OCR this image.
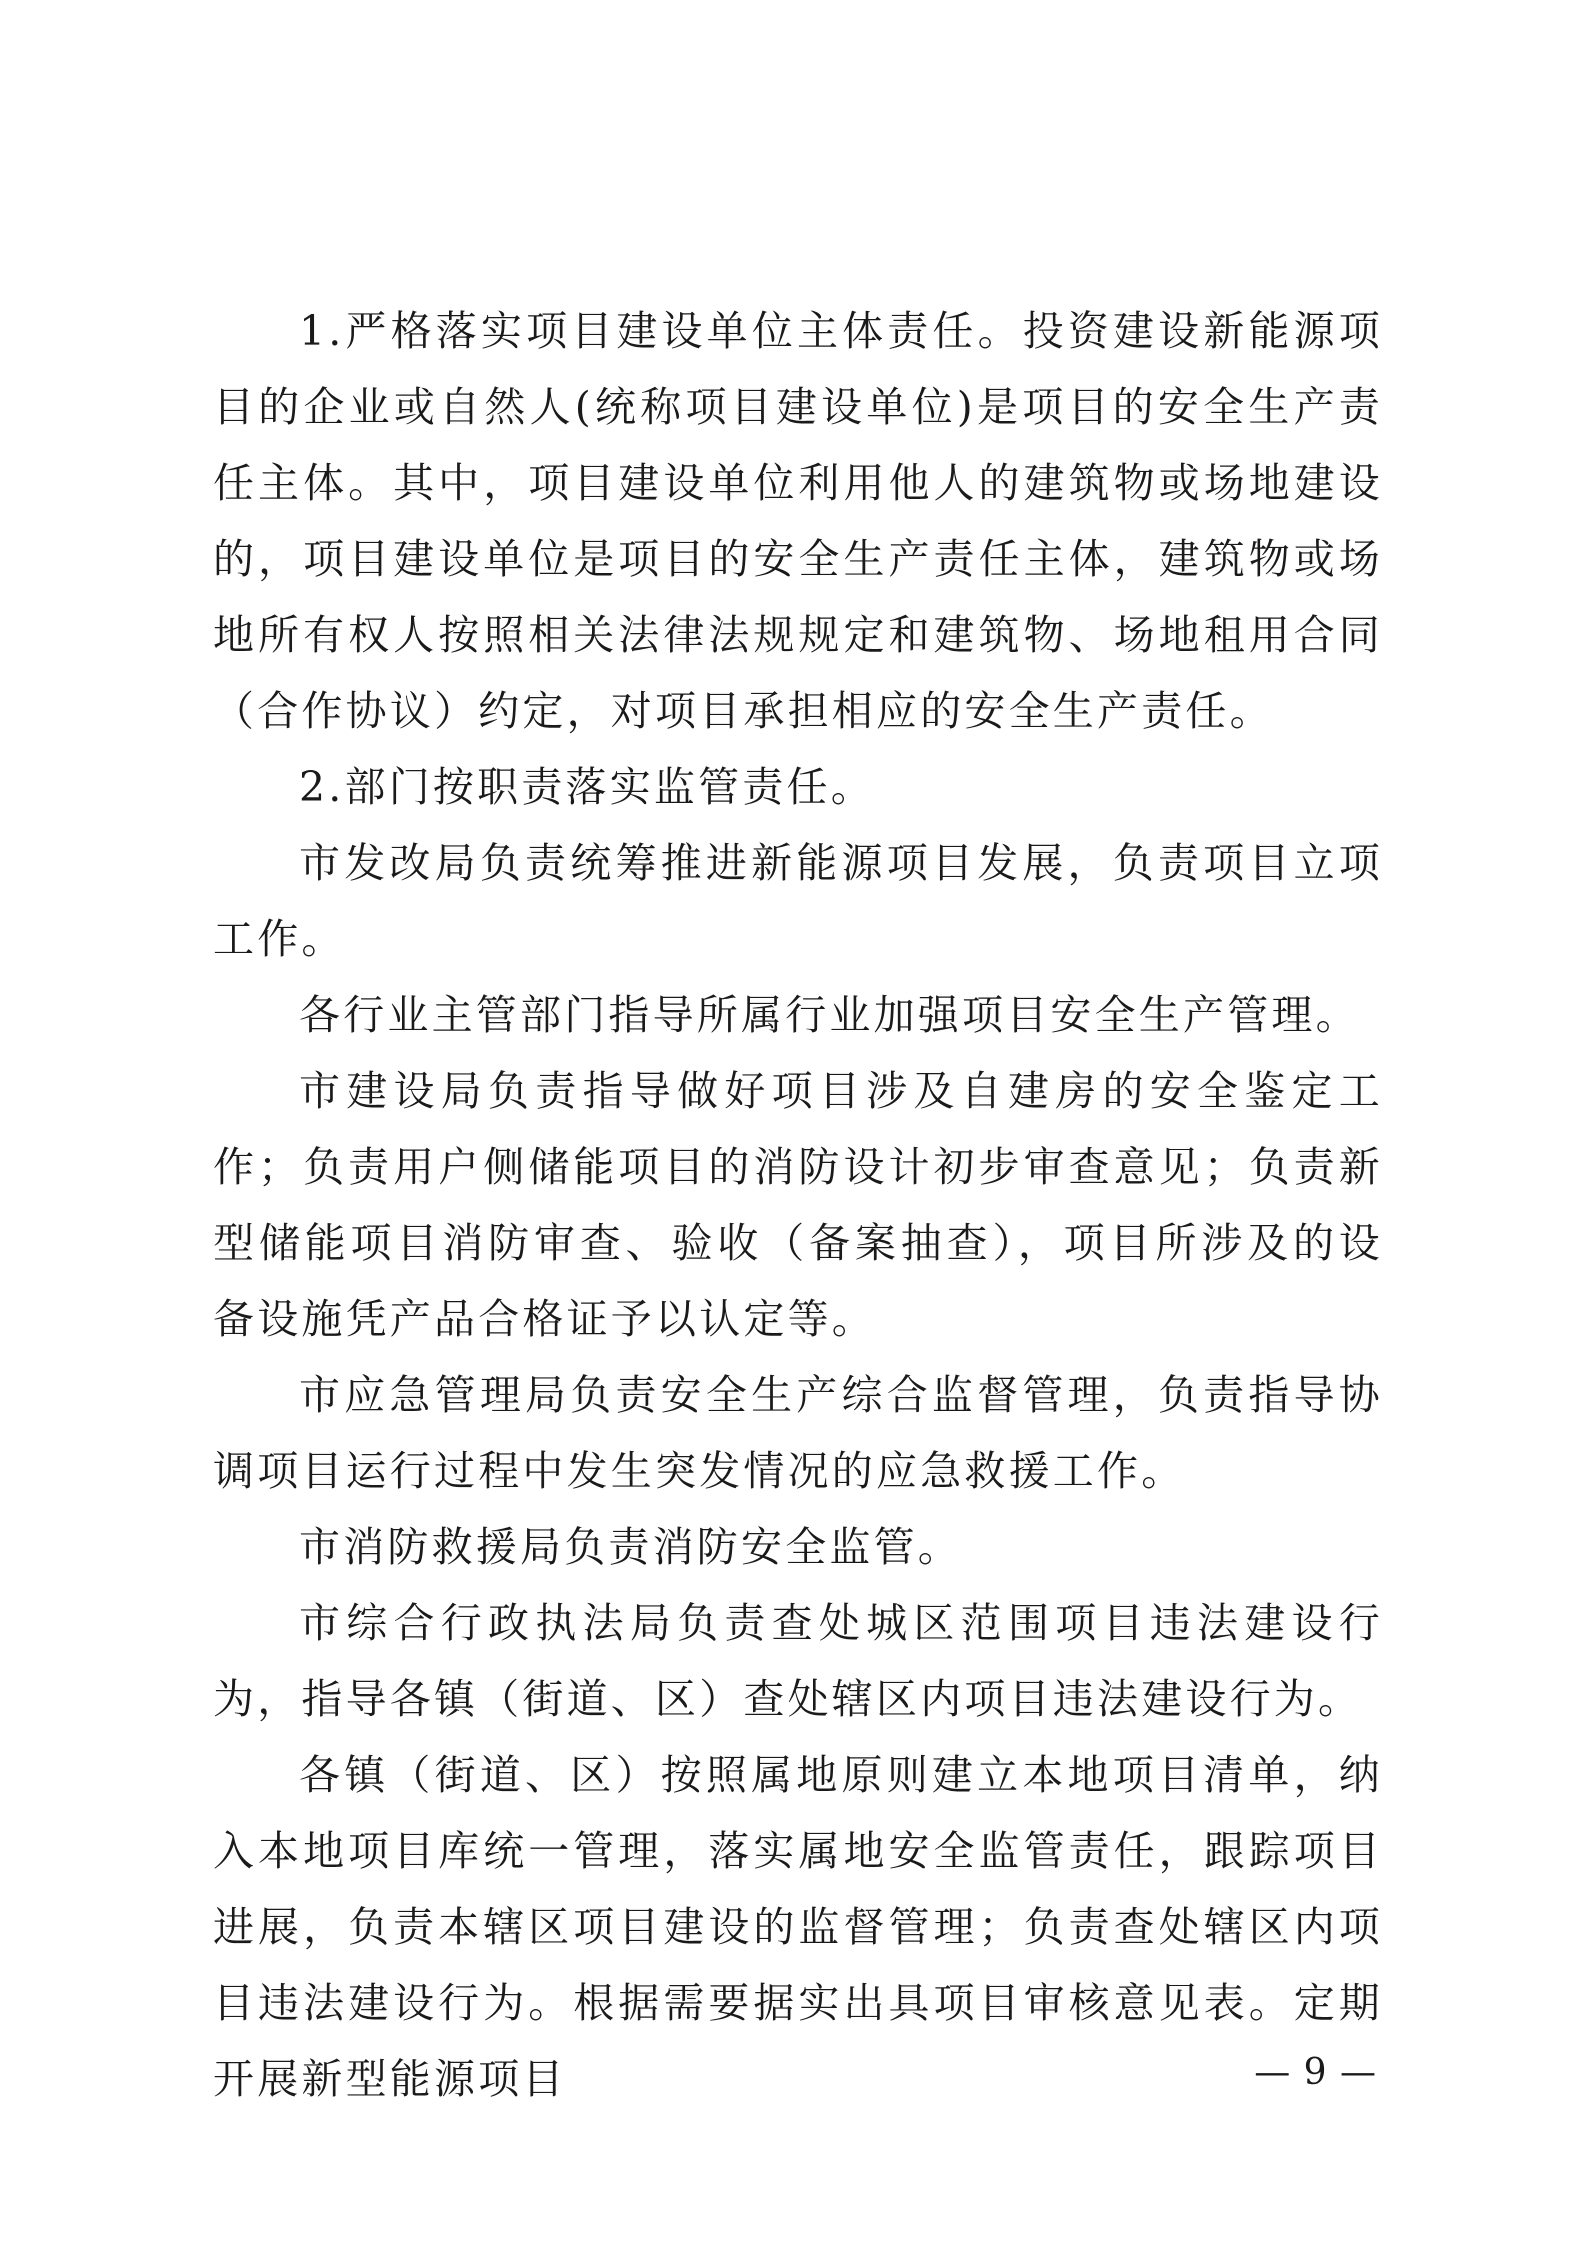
1.严格落实项目建设单位主体责任。投资建设新能源项目的企业或自然人(统称项目建设单位)是项目的安全生产责任主体。其中，项目建设单位利用他人的建筑物或场地建设的，项目建设单位是项目的安全生产责任主体，建筑物或场地所有权人按照相关法律法规规定和建筑物、场地租用合同（合作协议）约定，对项目承担相应的安全生产责任。

2.部门按职责落实监管责任。

市发改局负责统筹推进新能源项目发展，负责项目立项工作。

各行业主管部门指导所属行业加强项目安全生产管理。

市建设局负责指导做好项目涉及自建房的安全鉴定工作；负责用户侧储能项目的消防设计初步审查意见；负责新型储能项目消防审查、验收（备案抽查），项目所涉及的设备设施凭产品合格证予以认定等。

市应急管理局负责安全生产综合监督管理，负责指导协调项目运行过程中发生突发情况的应急救援工作。

市消防救援局负责消防安全监管。

市综合行政执法局负责查处城区范围项目违法建设行为，指导各镇（街道、区）查处辖区内项目违法建设行为。

各镇（街道、区）按照属地原则建立本地项目清单，纳入本地项目库统一管理，落实属地安全监管责任，跟踪项目进展，负责本辖区项目建设的监督管理；负责查处辖区内项目违法建设行为。根据需要据实出具项目审核意见表。定期开展新型能源项目	— 9 —
